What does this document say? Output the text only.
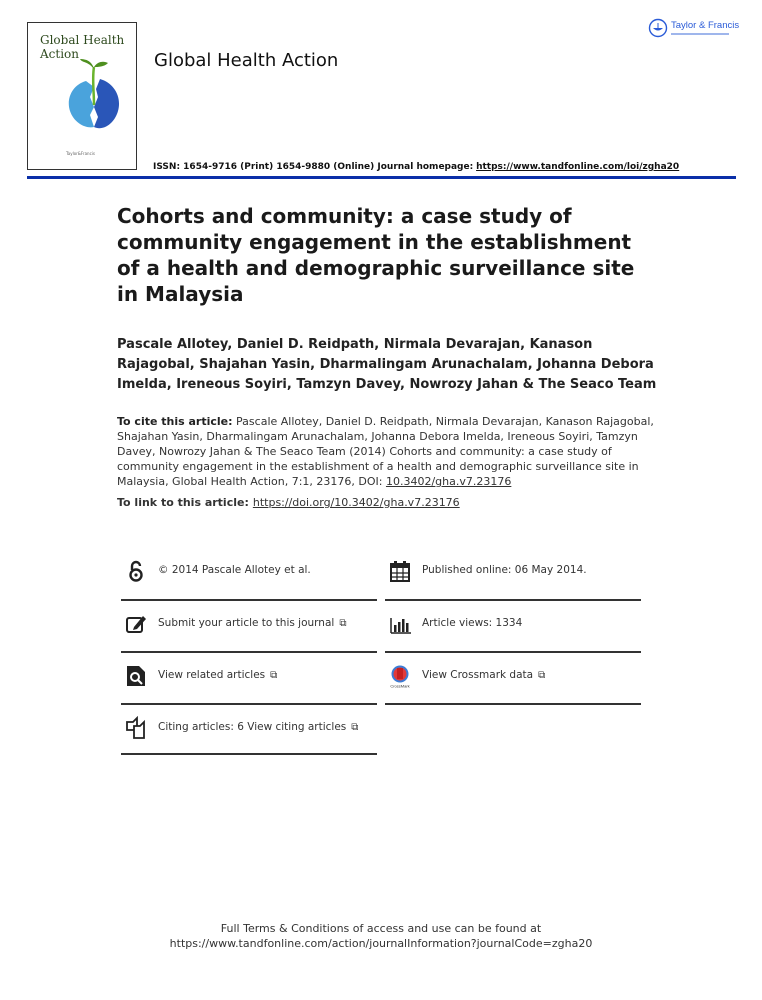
Global Health
Action
Taylor&Francis
Global Health Action
Taylor & Francis
ISSN: 1654-9716 (Print) 1654-9880 (Online) Journal homepage: https://www.tandfonline.com/loi/zgha20
Cohorts and community: a case study of community engagement in the establishment of a health and demographic surveillance site in Malaysia
Pascale Allotey, Daniel D. Reidpath, Nirmala Devarajan, Kanason Rajagobal, Shajahan Yasin, Dharmalingam Arunachalam, Johanna Debora Imelda, Ireneous Soyiri, Tamzyn Davey, Nowrozy Jahan & The Seaco Team
To cite this article: Pascale Allotey, Daniel D. Reidpath, Nirmala Devarajan, Kanason Rajagobal, Shajahan Yasin, Dharmalingam Arunachalam, Johanna Debora Imelda, Ireneous Soyiri, Tamzyn Davey, Nowrozy Jahan & The Seaco Team (2014) Cohorts and community: a case study of community engagement in the establishment of a health and demographic surveillance site in Malaysia, Global Health Action, 7:1, 23176, DOI: 10.3402/gha.v7.23176
To link to this article: https://doi.org/10.3402/gha.v7.23176
© 2014 Pascale Allotey et al.	Published online: 06 May 2014.
Submit your article to this journal ⧉	Article views: 1334
View related articles ⧉
CrossMark
View Crossmark data ⧉
Citing articles: 6 View citing articles ⧉
Full Terms & Conditions of access and use can be found at
https://www.tandfonline.com/action/journalInformation?journalCode=zgha20
